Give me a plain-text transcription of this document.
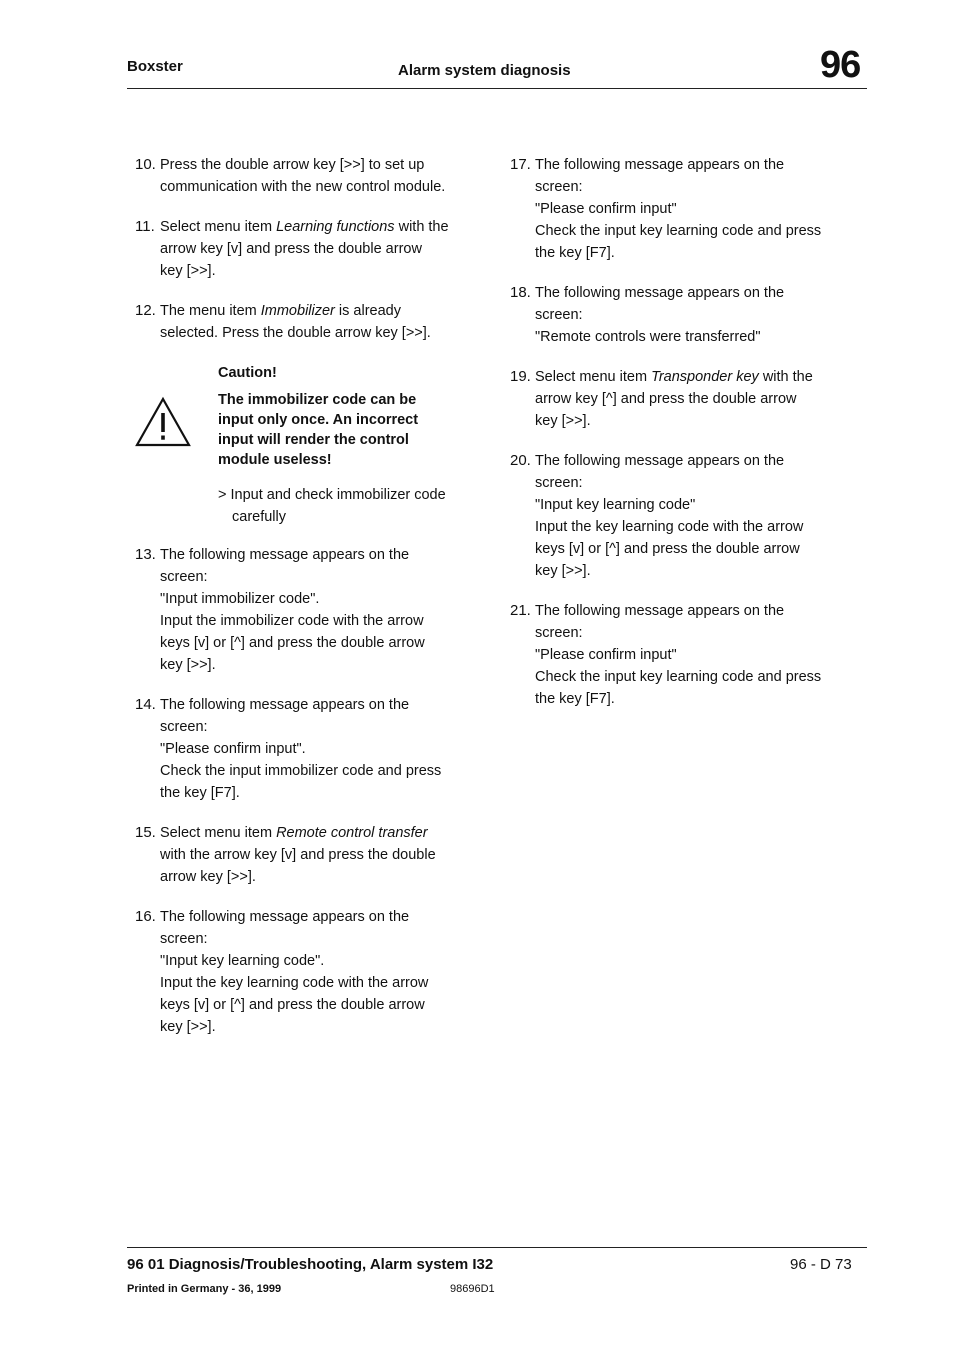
Boxster	Alarm system diagnosis	96
10. Press the double arrow key [>>] to set up
communication with the new control module.
11. Select menu item Learning functions with the
arrow key [v] and press the double arrow
key [>>].
12. The menu item Immobilizer is already
selected. Press the double arrow key [>>].
Caution!
The immobilizer code can be
input only once. An incorrect
input will render the control
module useless!
> Input and check immobilizer code
carefully
13. The following message appears on the
screen:
"Input immobilizer code".
Input the immobilizer code with the arrow
keys [v] or [^] and press the double arrow
key [>>].
14. The following message appears on the
screen:
"Please confirm input".
Check the input immobilizer code and press
the key [F7].
15. Select menu item Remote control transfer
with the arrow key [v] and press the double
arrow key [>>].
16. The following message appears on the
screen:
"Input key learning code".
Input the key learning code with the arrow
keys [v] or [^] and press the double arrow
key [>>].
17. The following message appears on the
screen:
"Please confirm input"
Check the input key learning code and press
the key [F7].
18. The following message appears on the
screen:
"Remote controls were transferred"
19. Select menu item Transponder key with the
arrow key [^] and press the double arrow
key [>>].
20. The following message appears on the
screen:
"Input key learning code"
Input the key learning code with the arrow
keys [v] or [^] and press the double arrow
key [>>].
21. The following message appears on the
screen:
"Please confirm input"
Check the input key learning code and press
the key [F7].
96 01 Diagnosis/Troubleshooting, Alarm system I32	96 - D 73
Printed in Germany - 36, 1999	98696D1
